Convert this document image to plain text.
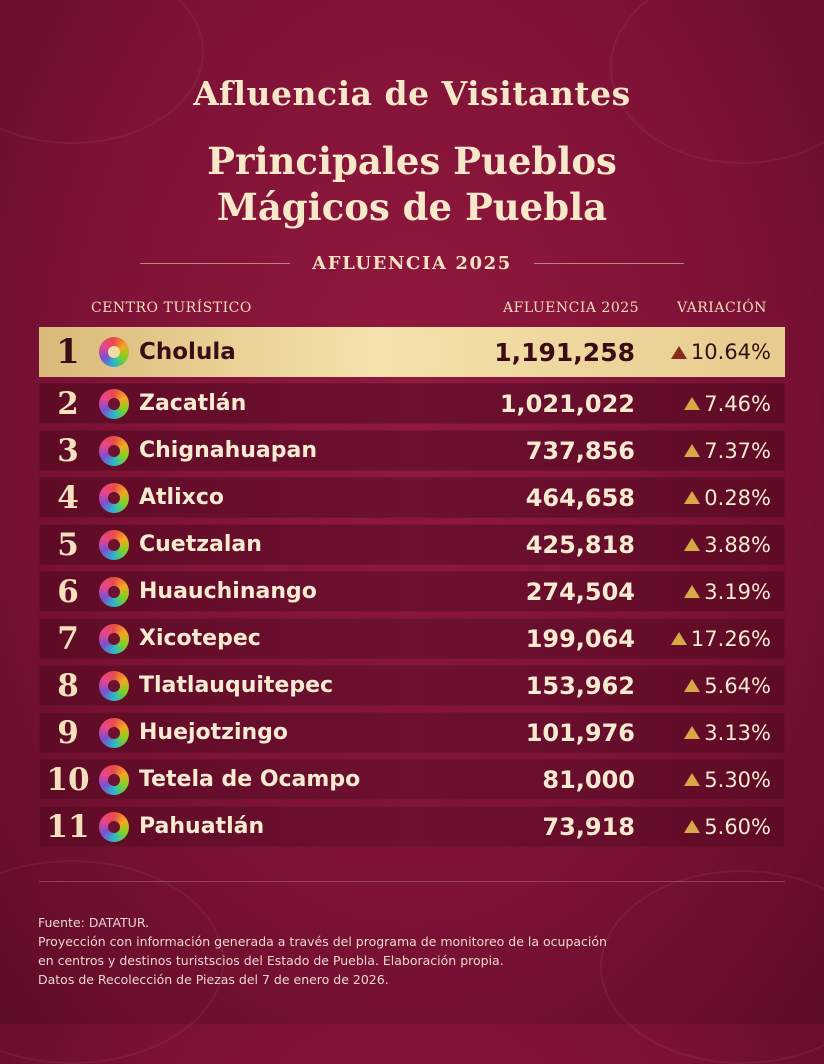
Afluencia de Visitantes
Principales Pueblos
Mágicos de Puebla
AFLUENCIA 2025
CENTRO TURÍSTICO	AFLUENCIA 2025	VARIACIÓN
1	Cholula	1,191,258	10.64%
2	Zacatlán	1,021,022	7.46%
3	Chignahuapan	737,856	7.37%
4	Atlixco	464,658	0.28%
5	Cuetzalan	425,818	3.88%
6	Huauchinango	274,504	3.19%
7	Xicotepec	199,064	17.26%
8	Tlatlauquitepec	153,962	5.64%
9	Huejotzingo	101,976	3.13%
10 Tetela de Ocampo	81,000	5.30%
11 Pahuatlán	73,918	5.60%
Fuente: DATATUR.
Proyección con información generada a través del programa de monitoreo de la ocupación
en centros y destinos turistscios del Estado de Puebla. Elaboración propia.
Datos de Recolección de Piezas del 7 de enero de 2026.
